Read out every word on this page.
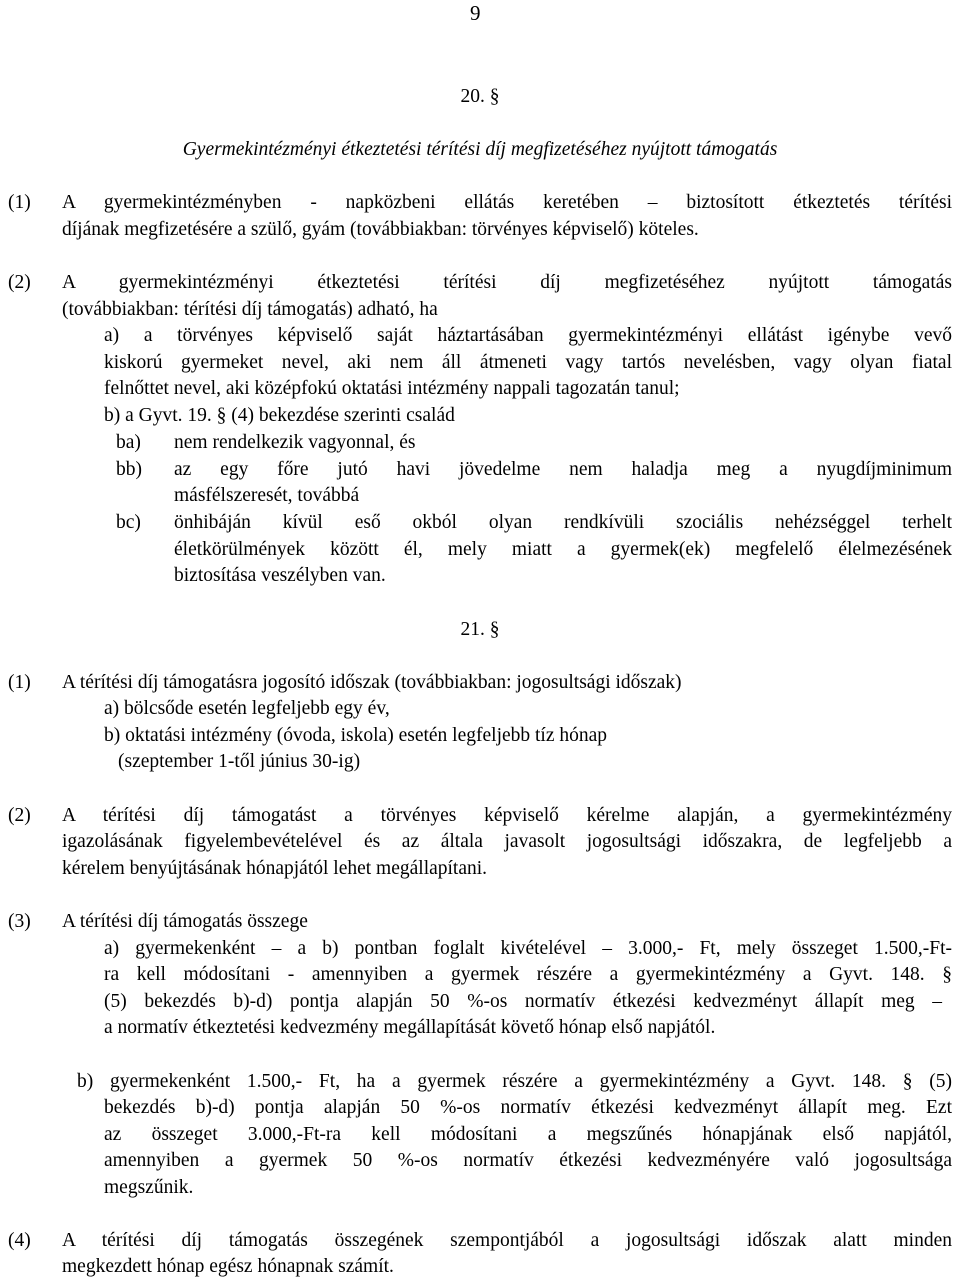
9
20. §
Gyermekintézményi étkeztetési térítési díj megfizetéséhez nyújtott támogatás
(1) A gyermekintézményben - napközbeni ellátás keretében – biztosított étkeztetés térítési
díjának megfizetésére a szülő, gyám (továbbiakban: törvényes képviselő) köteles.
(2) A gyermekintézményi étkeztetési térítési díj megfizetéséhez nyújtott támogatás
(továbbiakban: térítési díj támogatás) adható, ha
a) a törvényes képviselő saját háztartásában gyermekintézményi ellátást igénybe vevő
kiskorú gyermeket nevel, aki nem áll átmeneti vagy tartós nevelésben, vagy olyan fiatal
felnőttet nevel, aki középfokú oktatási intézmény nappali tagozatán tanul;
b) a Gyvt. 19. § (4) bekezdése szerinti család
ba) nem rendelkezik vagyonnal, és
bb) az egy főre jutó havi jövedelme nem haladja meg a nyugdíjminimum
másfélszeresét, továbbá
bc) önhibáján kívül eső okból olyan rendkívüli szociális nehézséggel terhelt
életkörülmények között él, mely miatt a gyermek(ek) megfelelő élelmezésének
biztosítása veszélyben van.
21. §
(1) A térítési díj támogatásra jogosító időszak (továbbiakban: jogosultsági időszak)
a) bölcsőde esetén legfeljebb egy év,
b) oktatási intézmény (óvoda, iskola) esetén legfeljebb tíz hónap
(szeptember 1-től június 30-ig)
(2) A térítési díj támogatást a törvényes képviselő kérelme alapján, a gyermekintézmény
igazolásának figyelembevételével és az általa javasolt jogosultsági időszakra, de legfeljebb a
kérelem benyújtásának hónapjától lehet megállapítani.
(3) A térítési díj támogatás összege
a) gyermekenként – a b) pontban foglalt kivételével – 3.000,- Ft, mely összeget 1.500,-Ft-
ra kell módosítani - amennyiben a gyermek részére a gyermekintézmény a Gyvt. 148. §
(5) bekezdés b)-d) pontja alapján 50 %-os normatív étkezési kedvezményt állapít meg –
a normatív étkeztetési kedvezmény megállapítását követő hónap első napjától.
b) gyermekenként 1.500,- Ft, ha a gyermek részére a gyermekintézmény a Gyvt. 148. § (5)
bekezdés b)-d) pontja alapján 50 %-os normatív étkezési kedvezményt állapít meg. Ezt
az összeget 3.000,-Ft-ra kell módosítani a megszűnés hónapjának első napjától,
amennyiben a gyermek 50 %-os normatív étkezési kedvezményére való jogosultsága
megszűnik.
(4) A térítési díj támogatás összegének szempontjából a jogosultsági időszak alatt minden
megkezdett hónap egész hónapnak számít.
